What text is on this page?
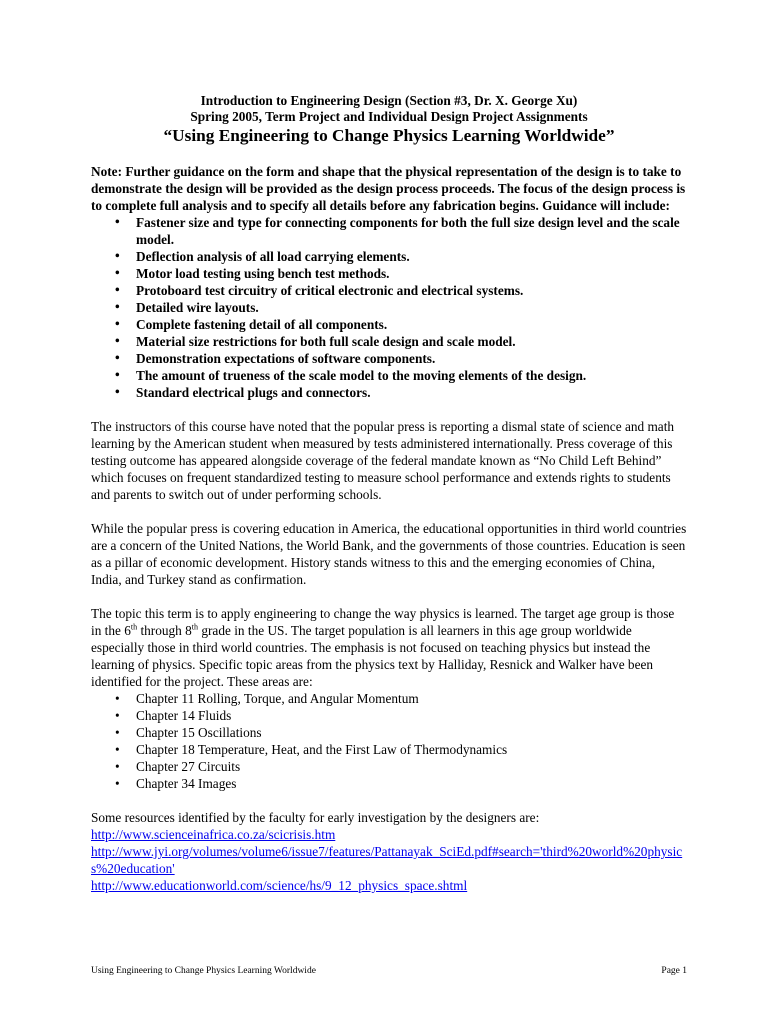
Introduction to Engineering Design (Section #3, Dr. X. George Xu)
Spring 2005, Term Project and Individual Design Project Assignments
“Using Engineering to Change Physics Learning Worldwide”

Note: Further guidance on the form and shape that the physical representation of the design is to take to demonstrate the design will be provided as the design process proceeds. The focus of the design process is to complete full analysis and to specify all details before any fabrication begins. Guidance will include:

• Fastener size and type for connecting components for both the full size design level and the scale model.
• Deflection analysis of all load carrying elements.
• Motor load testing using bench test methods.
• Protoboard test circuitry of critical electronic and electrical systems.
• Detailed wire layouts.
• Complete fastening detail of all components.
• Material size restrictions for both full scale design and scale model.
• Demonstration expectations of software components.
• The amount of trueness of the scale model to the moving elements of the design.
• Standard electrical plugs and connectors.

The instructors of this course have noted that the popular press is reporting a dismal state of science and math learning by the American student when measured by tests administered internationally. Press coverage of this testing outcome has appeared alongside coverage of the federal mandate known as “No Child Left Behind” which focuses on frequent standardized testing to measure school performance and extends rights to students and parents to switch out of under performing schools.

While the popular press is covering education in America, the educational opportunities in third world countries are a concern of the United Nations, the World Bank, and the governments of those countries. Education is seen as a pillar of economic development. History stands witness to this and the emerging economies of China, India, and Turkey stand as confirmation.

The topic this term is to apply engineering to change the way physics is learned. The target age group is those in the 6th through 8th grade in the US. The target population is all learners in this age group worldwide especially those in third world countries. The emphasis is not focused on teaching physics but instead the learning of physics. Specific topic areas from the physics text by Halliday, Resnick and Walker have been identified for the project. These areas are:

• Chapter 11 Rolling, Torque, and Angular Momentum
• Chapter 14 Fluids
• Chapter 15 Oscillations
• Chapter 18 Temperature, Heat, and the First Law of Thermodynamics
• Chapter 27 Circuits
• Chapter 34 Images

Some resources identified by the faculty for early investigation by the designers are:

http://www.scienceinafrica.co.za/scicrisis.htm
http://www.jyi.org/volumes/volume6/issue7/features/Pattanayak_SciEd.pdf#search='third%20world%20physics%20education'
http://www.educationworld.com/science/hs/9_12_physics_space.shtml
Using Engineering to Change Physics Learning Worldwide	Page 1
